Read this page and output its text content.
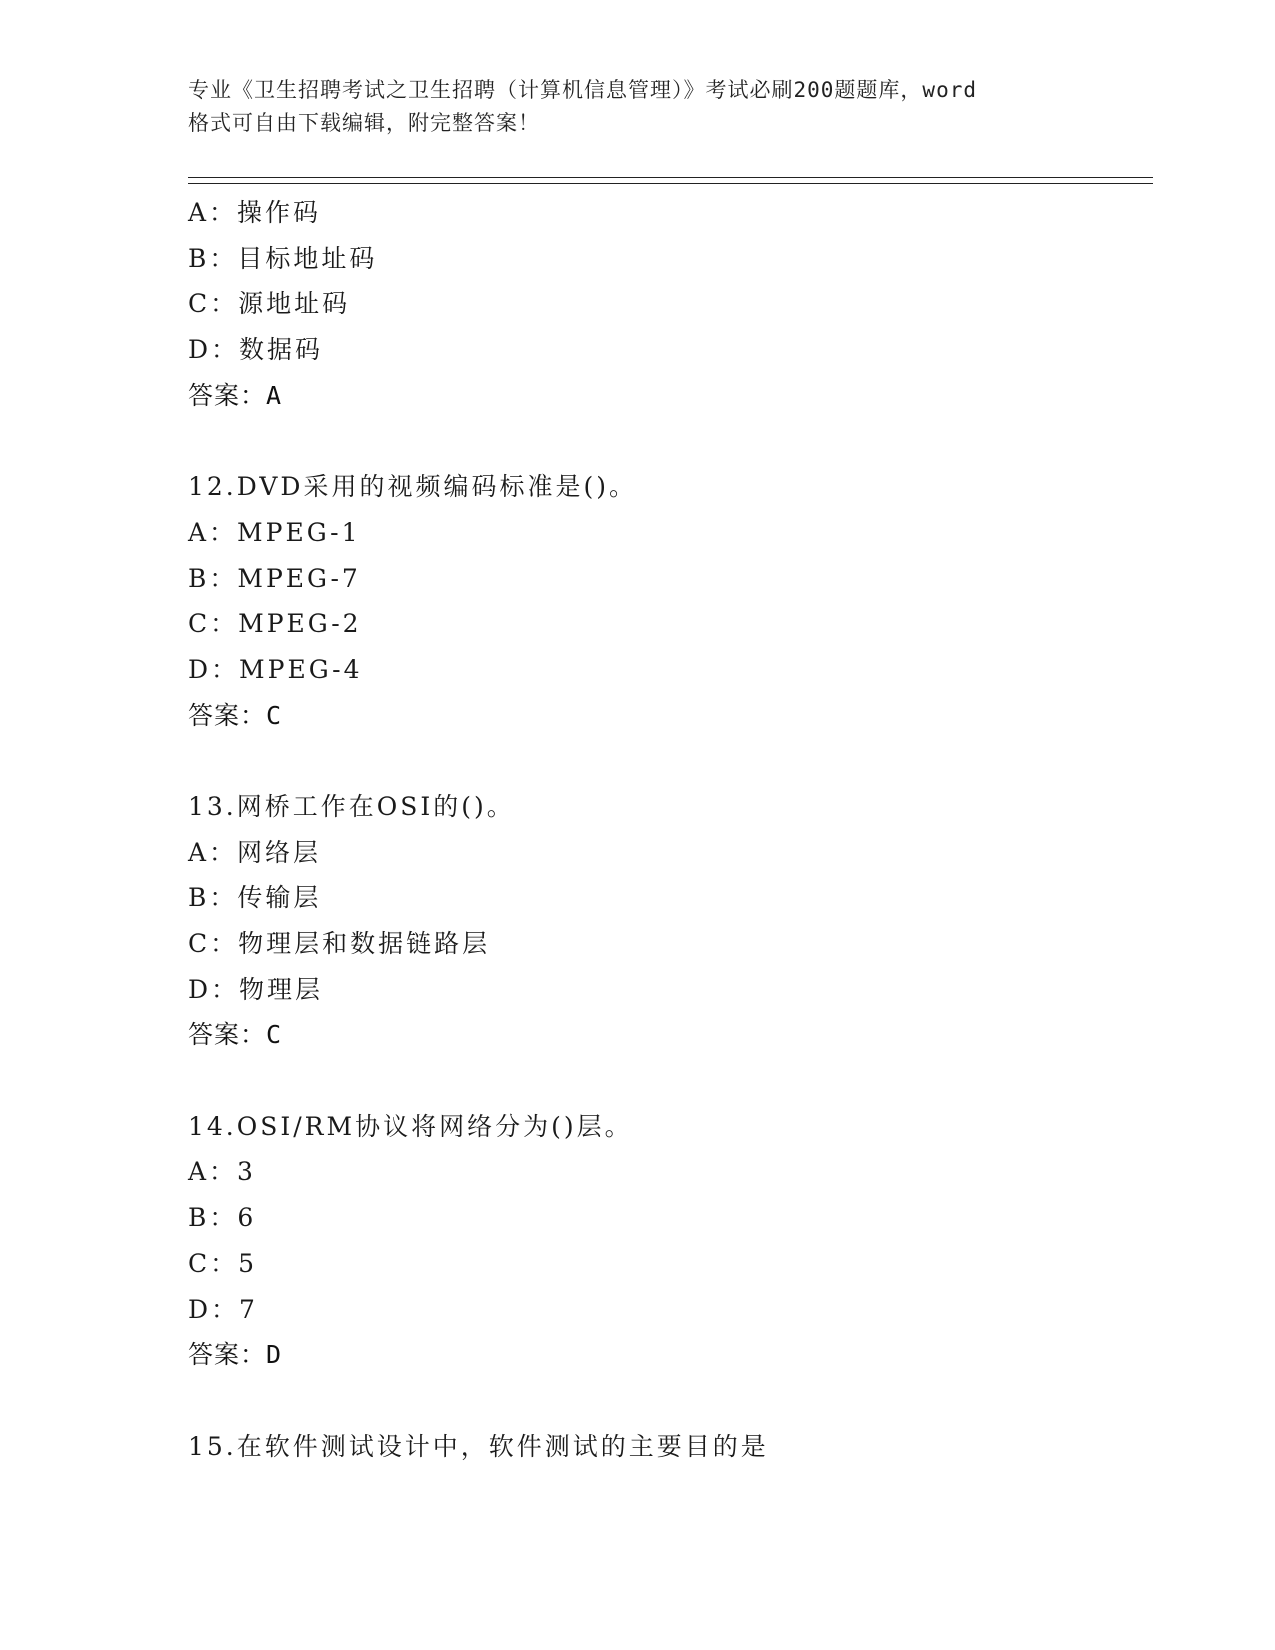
专业《卫生招聘考试之卫生招聘（计算机信息管理）》考试必刷200题题库，word
格式可自由下载编辑，附完整答案！
A：操作码
B：目标地址码
C：源地址码
D：数据码
答案：A
12.DVD采用的视频编码标准是()。
A：MPEG-1
B：MPEG-7
C：MPEG-2
D：MPEG-4
答案：C
13.网桥工作在OSI的()。
A：网络层
B：传输层
C：物理层和数据链路层
D：物理层
答案：C
14.OSI/RM协议将网络分为()层。
A：3
B：6
C：5
D：7
答案：D
15.在软件测试设计中，软件测试的主要目的是
